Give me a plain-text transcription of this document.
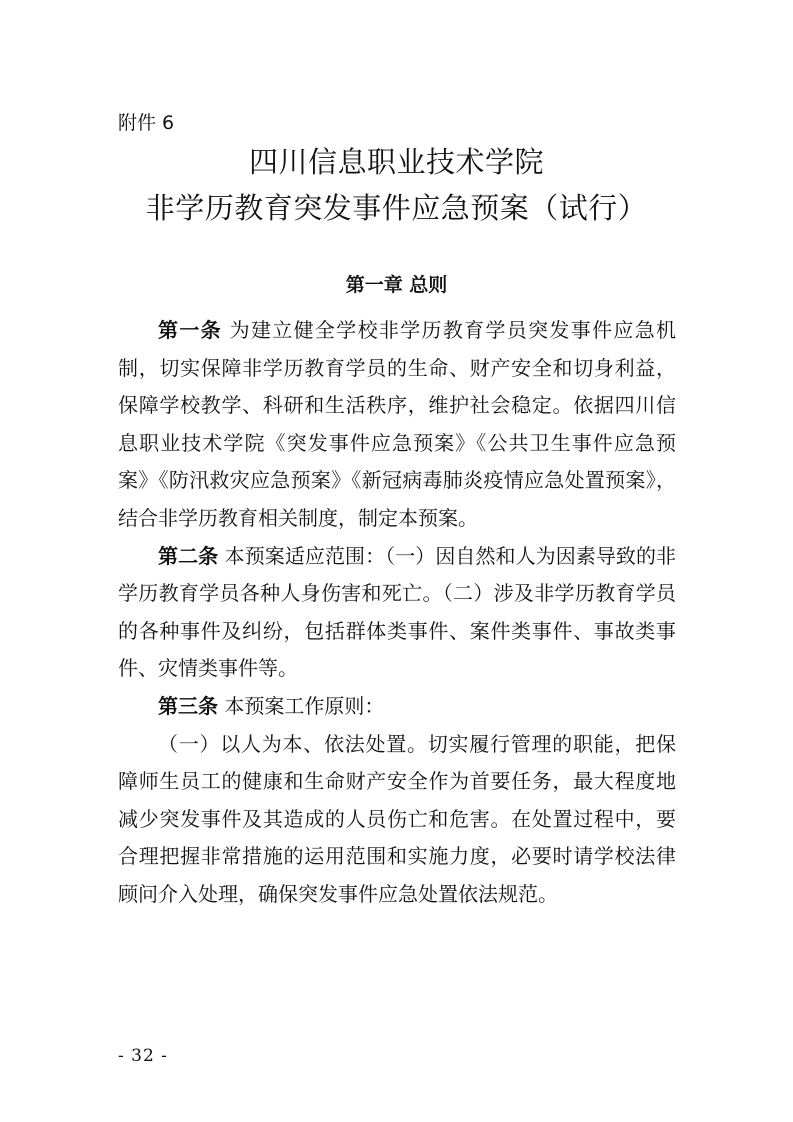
附件 6
四川信息职业技术学院
非学历教育突发事件应急预案（试行）
第一章 总则

第一条 为建立健全学校非学历教育学员突发事件应急机制，切实保障非学历教育学员的生命、财产安全和切身利益，保障学校教学、科研和生活秩序，维护社会稳定。依据四川信息职业技术学院《突发事件应急预案》《公共卫生事件应急预案》《防汛救灾应急预案》《新冠病毒肺炎疫情应急处置预案》，结合非学历教育相关制度，制定本预案。

第二条 本预案适应范围：（一）因自然和人为因素导致的非学历教育学员各种人身伤害和死亡。（二）涉及非学历教育学员的各种事件及纠纷，包括群体类事件、案件类事件、事故类事件、灾情类事件等。

第三条 本预案工作原则：

（一）以人为本、依法处置。切实履行管理的职能，把保障师生员工的健康和生命财产安全作为首要任务，最大程度地减少突发事件及其造成的人员伤亡和危害。在处置过程中，要合理把握非常措施的运用范围和实施力度，必要时请学校法律顾问介入处理，确保突发事件应急处置依法规范。

- 32 -
